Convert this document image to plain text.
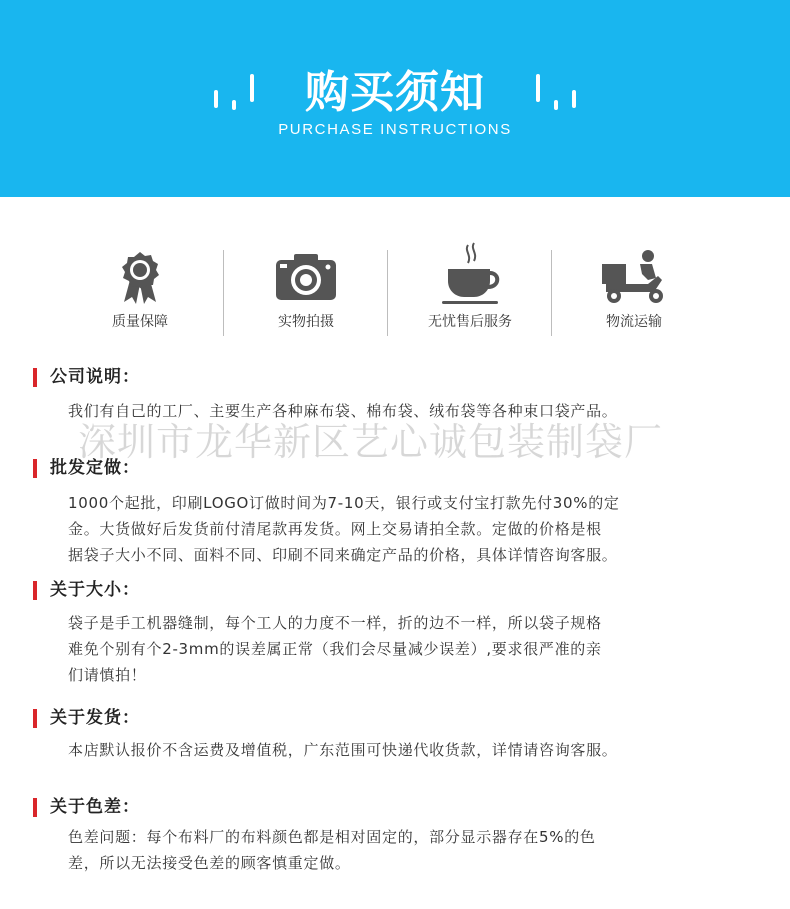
购买须知
PURCHASE INSTRUCTIONS
质量保障	实物拍摄	无忧售后服务	物流运输
深圳市龙华新区艺心诚包装制袋厂
公司说明：
我们有自己的工厂、主要生产各种麻布袋、棉布袋、绒布袋等各种束口袋产品。
批发定做：
1000个起批，印刷LOGO订做时间为7-10天，银行或支付宝打款先付30%的定
金。大货做好后发货前付清尾款再发货。网上交易请拍全款。定做的价格是根
据袋子大小不同、面料不同、印刷不同来确定产品的价格，具体详情咨询客服。
关于大小：
袋子是手工机器缝制，每个工人的力度不一样，折的边不一样，所以袋子规格
难免个别有个2-3mm的误差属正常（我们会尽量减少误差）,要求很严准的亲
们请慎拍！
关于发货：
本店默认报价不含运费及增值税，广东范围可快递代收货款，详情请咨询客服。
关于色差：
色差问题：每个布料厂的布料颜色都是相对固定的，部分显示器存在5%的色
差，所以无法接受色差的顾客慎重定做。
